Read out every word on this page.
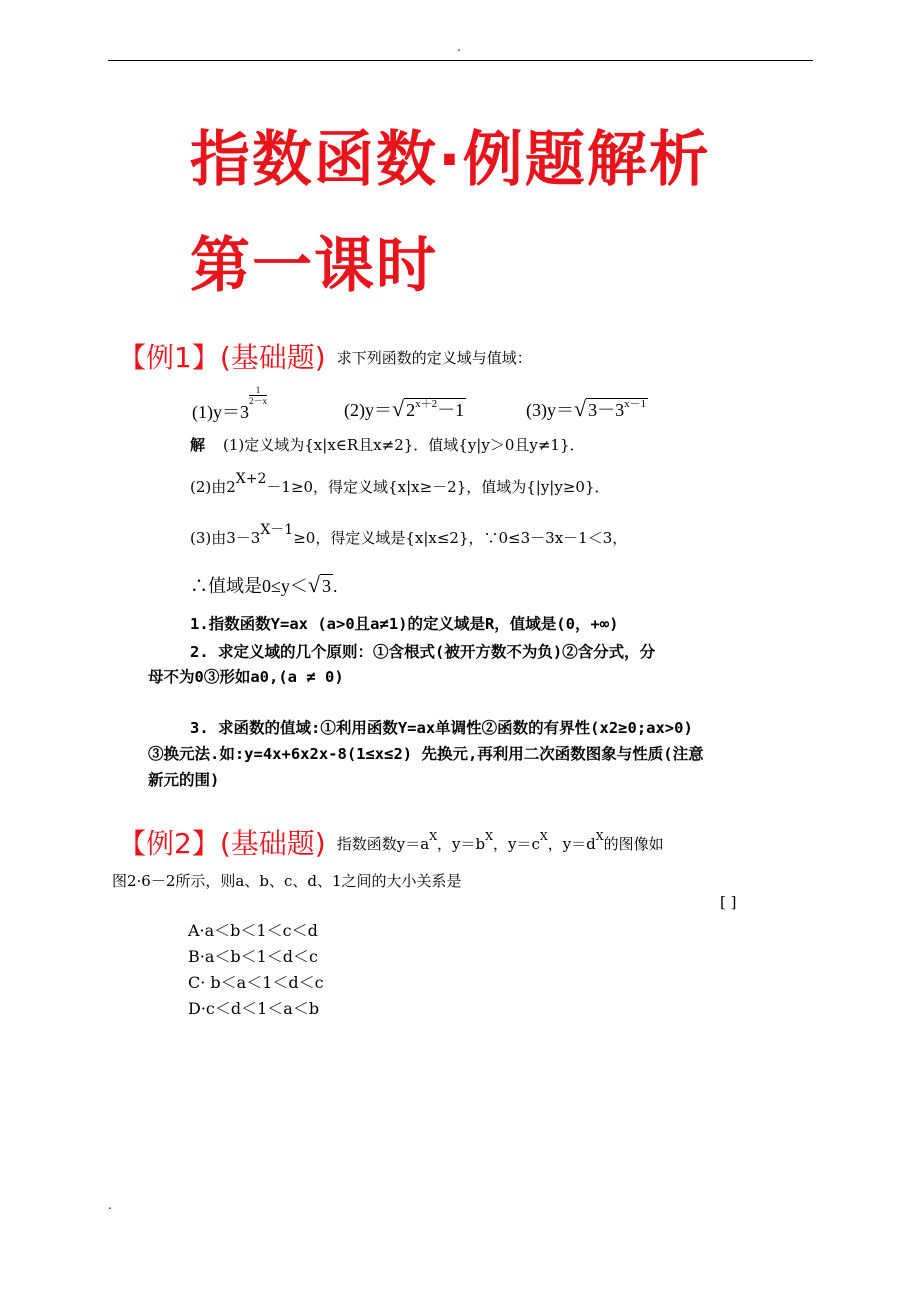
.
指数函数·例题解析
第一课时
【例1】(基础题) 求下列函数的定义域与值域：
(1)y＝3
$\frac{1}{2-x}$
(2)y＝√ $2^{x+2}-1$	(3)y＝√ $3-3^{x-1}$
解 (1)定义域为{x|x∈R且x≠2}．值域{y|y＞0且y≠1}．
(2)由2X+2－1≥0，得定义域{x|x≥－2}，值域为{|y|y≥0}．
(3)由3－3X－1≥0，得定义域是{x|x≤2}，∵0≤3－3x－1＜3，
∴值域是0≤y＜√ 3 .
1.指数函数Y=ax (a>0且a≠1)的定义域是R，值域是(0，+∞)
2. 求定义域的几个原则：①含根式(被开方数不为负)②含分式，分
母不为0③形如a0,(a ≠ 0)
3. 求函数的值域:①利用函数Y=ax单调性②函数的有界性(x2≥0;ax>0)
③换元法.如:y=4x+6x2x-8(1≤x≤2) 先换元,再利用二次函数图象与性质(注意
新元的围)
【例2】(基础题) 指数函数$y=a^X$，$y=b^X$，$y=c^X$，$y=d^X$的图像如
图2·6－2所示，则a、b、c、d、1之间的大小关系是
[ ]
A·a＜b＜1＜c＜d
B·a＜b＜1＜d＜c
C· b＜a＜1＜d＜c
D·c＜d＜1＜a＜b
.
